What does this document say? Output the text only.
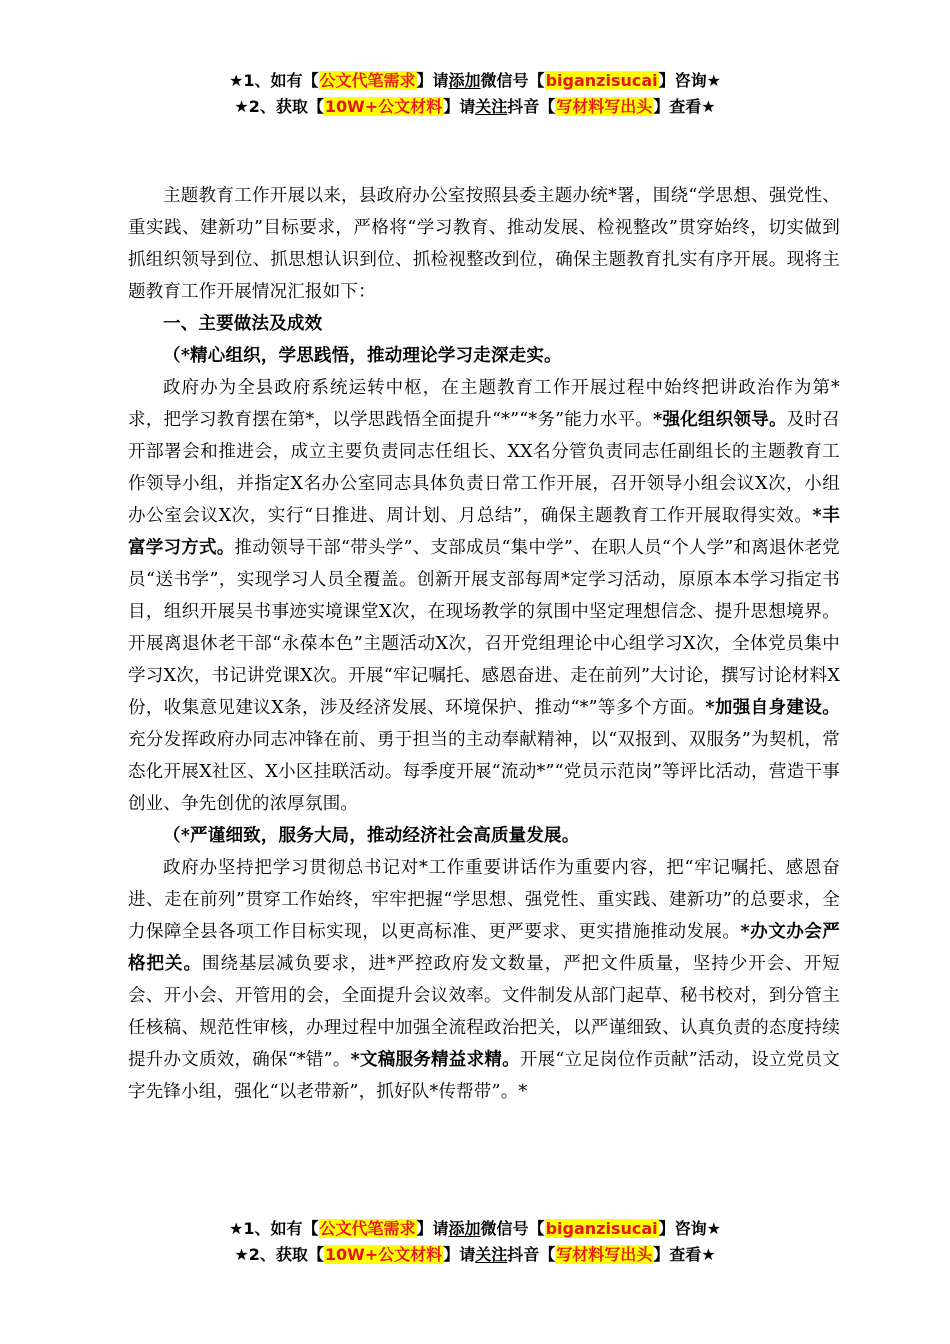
★1、如有【公文代笔需求】请添加微信号【biganzisucai】咨询★
★2、获取【10W+公文材料】请关注抖音【写材料写出头】查看★

主题教育工作开展以来，县政府办公室按照县委主题办统*署，围绕“学思想、强党性、重实践、建新功”目标要求，严格将“学习教育、推动发展、检视整改”贯穿始终，切实做到抓组织领导到位、抓思想认识到位、抓检视整改到位，确保主题教育扎实有序开展。现将主题教育工作开展情况汇报如下：

一、主要做法及成效

（*精心组织，学思践悟，推动理论学习走深走实。

政府办为全县政府系统运转中枢，在主题教育工作开展过程中始终把讲政治作为第*求，把学习教育摆在第*，以学思践悟全面提升“*”“*务”能力水平。*强化组织领导。及时召开部署会和推进会，成立主要负责同志任组长、XX名分管负责同志任副组长的主题教育工作领导小组，并指定X名办公室同志具体负责日常工作开展，召开领导小组会议X次，小组办公室会议X次，实行“日推进、周计划、月总结”，确保主题教育工作开展取得实效。*丰富学习方式。推动领导干部“带头学”、支部成员“集中学”、在职人员“个人学”和离退休老党员“送书学”，实现学习人员全覆盖。创新开展支部每周*定学习活动，原原本本学习指定书目，组织开展吴书事迹实境课堂X次，在现场教学的氛围中坚定理想信念、提升思想境界。开展离退休老干部“永葆本色”主题活动X次，召开党组理论中心组学习X次，全体党员集中学习X次，书记讲党课X次。开展“牢记嘱托、感恩奋进、走在前列”大讨论，撰写讨论材料X份，收集意见建议X条，涉及经济发展、环境保护、推动“*”等多个方面。*加强自身建设。充分发挥政府办同志冲锋在前、勇于担当的主动奉献精神，以“双报到、双服务”为契机，常态化开展X社区、X小区挂联活动。每季度开展“流动*”“党员示范岗”等评比活动，营造干事创业、争先创优的浓厚氛围。

（*严谨细致，服务大局，推动经济社会高质量发展。

政府办坚持把学习贯彻总书记对*工作重要讲话作为重要内容，把“牢记嘱托、感恩奋进、走在前列”贯穿工作始终，牢牢把握“学思想、强党性、重实践、建新功”的总要求，全力保障全县各项工作目标实现，以更高标准、更严要求、更实措施推动发展。*办文办会严格把关。围绕基层减负要求，进*严控政府发文数量，严把文件质量，坚持少开会、开短会、开小会、开管用的会，全面提升会议效率。文件制发从部门起草、秘书校对，到分管主任核稿、规范性审核，办理过程中加强全流程政治把关，以严谨细致、认真负责的态度持续提升办文质效，确保“*错”。*文稿服务精益求精。开展“立足岗位作贡献”活动，设立党员文字先锋小组，强化“以老带新”，抓好队*传帮带”。*

★1、如有【公文代笔需求】请添加微信号【biganzisucai】咨询★
★2、获取【10W+公文材料】请关注抖音【写材料写出头】查看★
